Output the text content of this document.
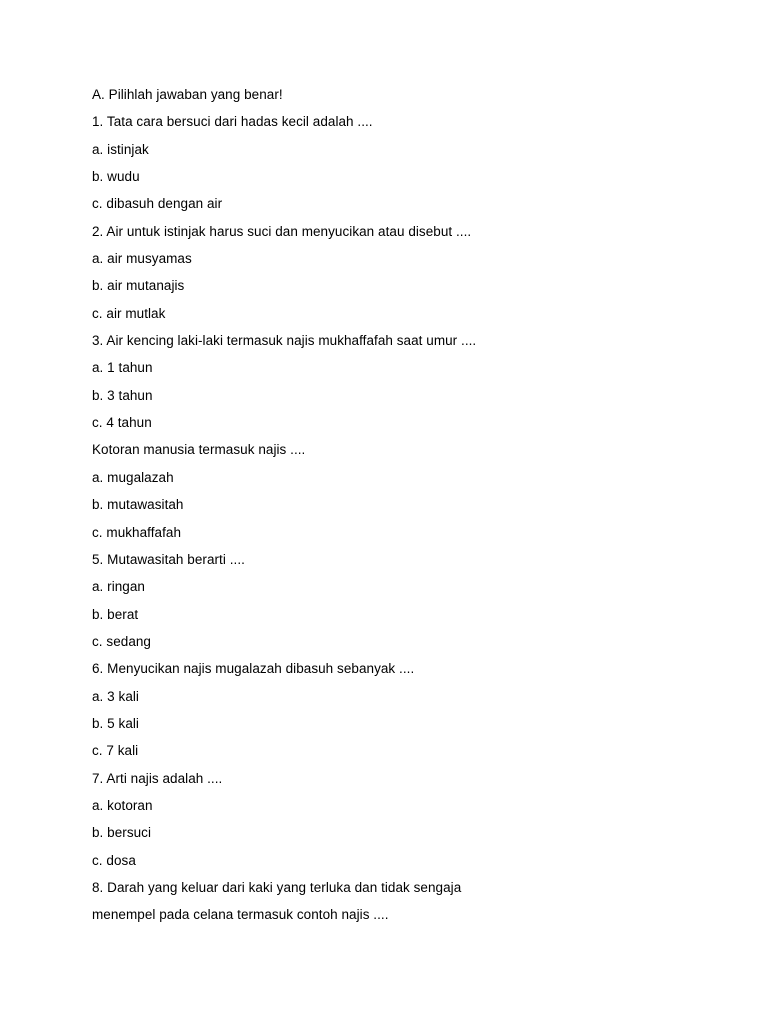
A. Pilihlah jawaban yang benar!
1. Tata cara bersuci dari hadas kecil adalah ....
a. istinjak
b. wudu
c. dibasuh dengan air
2. Air untuk istinjak harus suci dan menyucikan atau disebut ....
a. air musyamas
b. air mutanajis
c. air mutlak
3. Air kencing laki-laki termasuk najis mukhaffafah saat umur ....
a. 1 tahun
b. 3 tahun
c. 4 tahun
Kotoran manusia termasuk najis ....
a. mugalazah
b. mutawasitah
c. mukhaffafah
5. Mutawasitah berarti ....
a. ringan
b. berat
c. sedang
6. Menyucikan najis mugalazah dibasuh sebanyak ....
a. 3 kali
b. 5 kali
c. 7 kali
7. Arti najis adalah ....
a. kotoran
b. bersuci
c. dosa
8. Darah yang keluar dari kaki yang terluka dan tidak sengaja
menempel pada celana termasuk contoh najis ....
